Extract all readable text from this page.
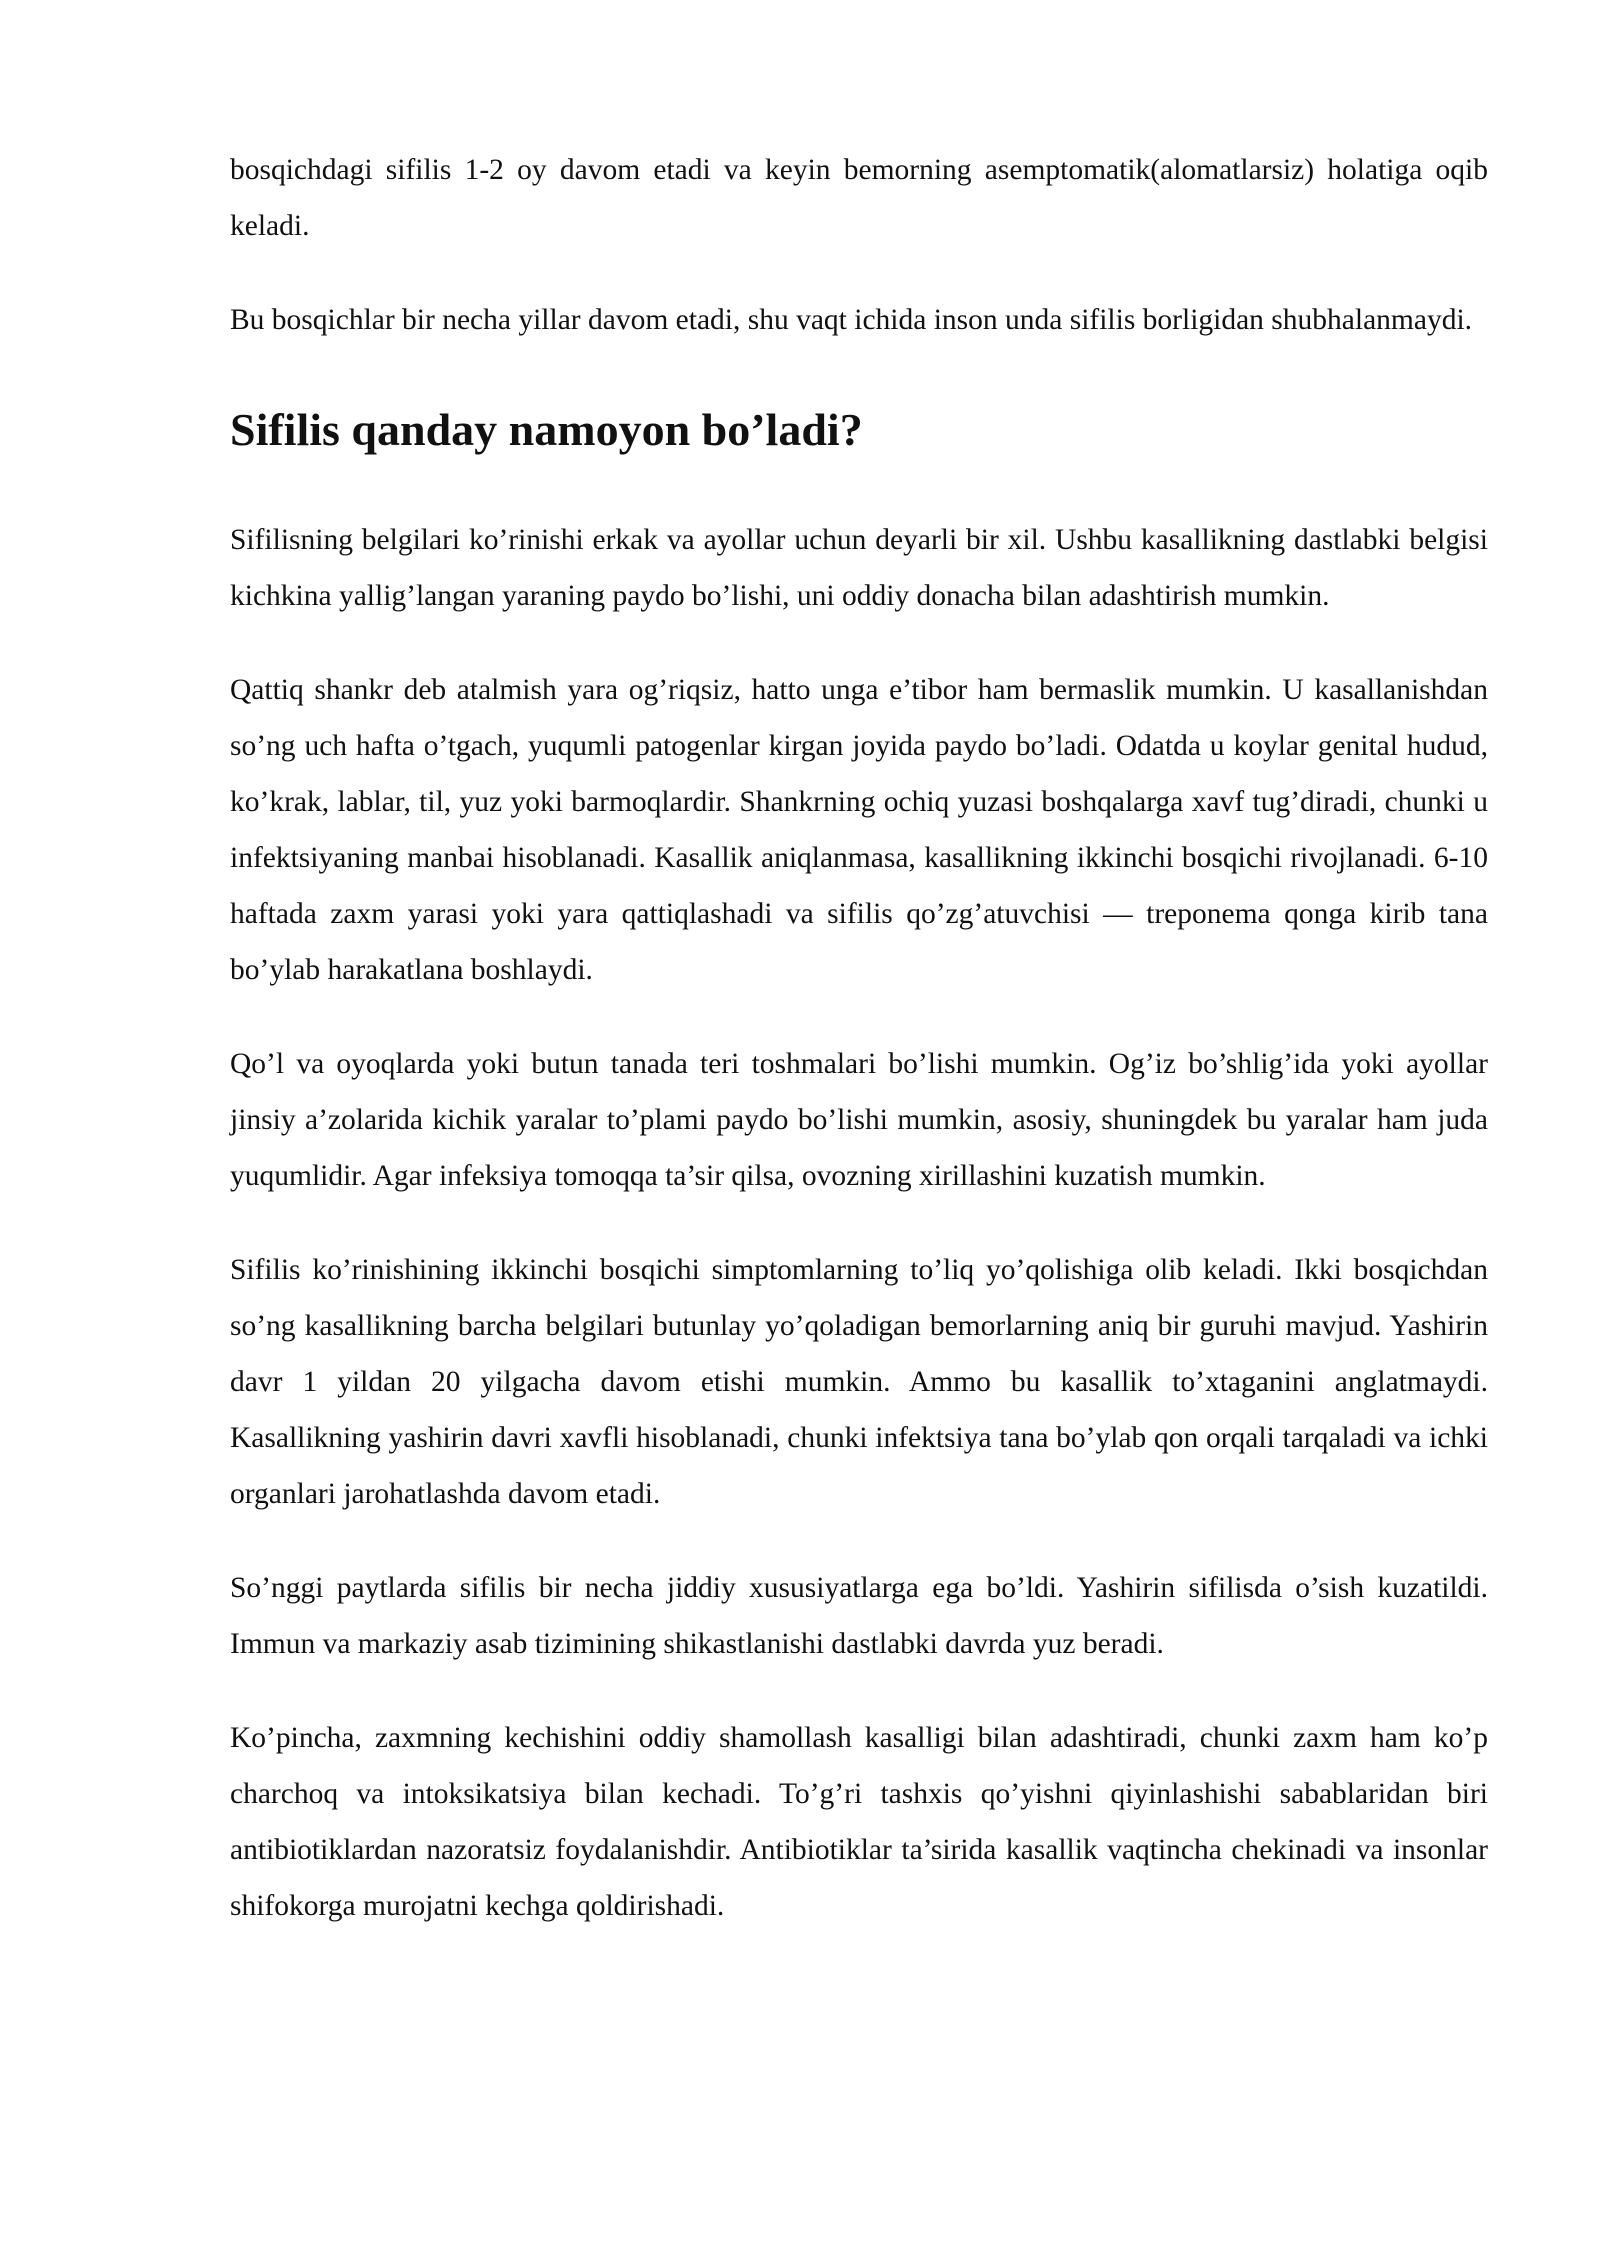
bosqichdagi sifilis 1-2 oy davom etadi va keyin bemorning asemptomatik(alomatlarsiz) holatiga oqib keladi.

Bu bosqichlar bir necha yillar davom etadi, shu vaqt ichida inson unda sifilis borligidan shubhalanmaydi.

Sifilis qanday namoyon bo’ladi?

Sifilisning belgilari ko’rinishi erkak va ayollar uchun deyarli bir xil. Ushbu kasallikning dastlabki belgisi kichkina yallig’langan yaraning paydo bo’lishi, uni oddiy donacha bilan adashtirish mumkin.

Qattiq shankr deb atalmish yara og’riqsiz, hatto unga e’tibor ham bermaslik mumkin. U kasallanishdan so’ng uch hafta o’tgach, yuqumli patogenlar kirgan joyida paydo bo’ladi. Odatda u koylar genital hudud, ko’krak, lablar, til, yuz yoki barmoqlardir. Shankrning ochiq yuzasi boshqalarga xavf tug’diradi, chunki u infektsiyaning manbai hisoblanadi. Kasallik aniqlanmasa, kasallikning ikkinchi bosqichi rivojlanadi. 6-10 haftada zaxm yarasi yoki yara qattiqlashadi va sifilis qo’zg’atuvchisi — treponema qonga kirib tana bo’ylab harakatlana boshlaydi.

Qo’l va oyoqlarda yoki butun tanada teri toshmalari bo’lishi mumkin. Og’iz bo’shlig’ida yoki ayollar jinsiy a’zolarida kichik yaralar to’plami paydo bo’lishi mumkin, asosiy, shuningdek bu yaralar ham juda yuqumlidir. Agar infeksiya tomoqqa ta’sir qilsa, ovozning xirillashini kuzatish mumkin.

Sifilis ko’rinishining ikkinchi bosqichi simptomlarning to’liq yo’qolishiga olib keladi. Ikki bosqichdan so’ng kasallikning barcha belgilari butunlay yo’qoladigan bemorlarning aniq bir guruhi mavjud. Yashirin davr 1 yildan 20 yilgacha davom etishi mumkin. Ammo bu kasallik to’xtaganini anglatmaydi. Kasallikning yashirin davri xavfli hisoblanadi, chunki infektsiya tana bo’ylab qon orqali tarqaladi va ichki organlari jarohatlashda davom etadi.

So’nggi paytlarda sifilis bir necha jiddiy xususiyatlarga ega bo’ldi. Yashirin sifilisda o’sish kuzatildi. Immun va markaziy asab tizimining shikastlanishi dastlabki davrda yuz beradi.

Ko’pincha, zaxmning kechishini oddiy shamollash kasalligi bilan adashtiradi, chunki zaxm ham ko’p charchoq va intoksikatsiya bilan kechadi. To’g’ri tashxis qo’yishni qiyinlashishi sabablaridan biri antibiotiklardan nazoratsiz foydalanishdir. Antibiotiklar ta’sirida kasallik vaqtincha chekinadi va insonlar shifokorga murojatni kechga qoldirishadi.
